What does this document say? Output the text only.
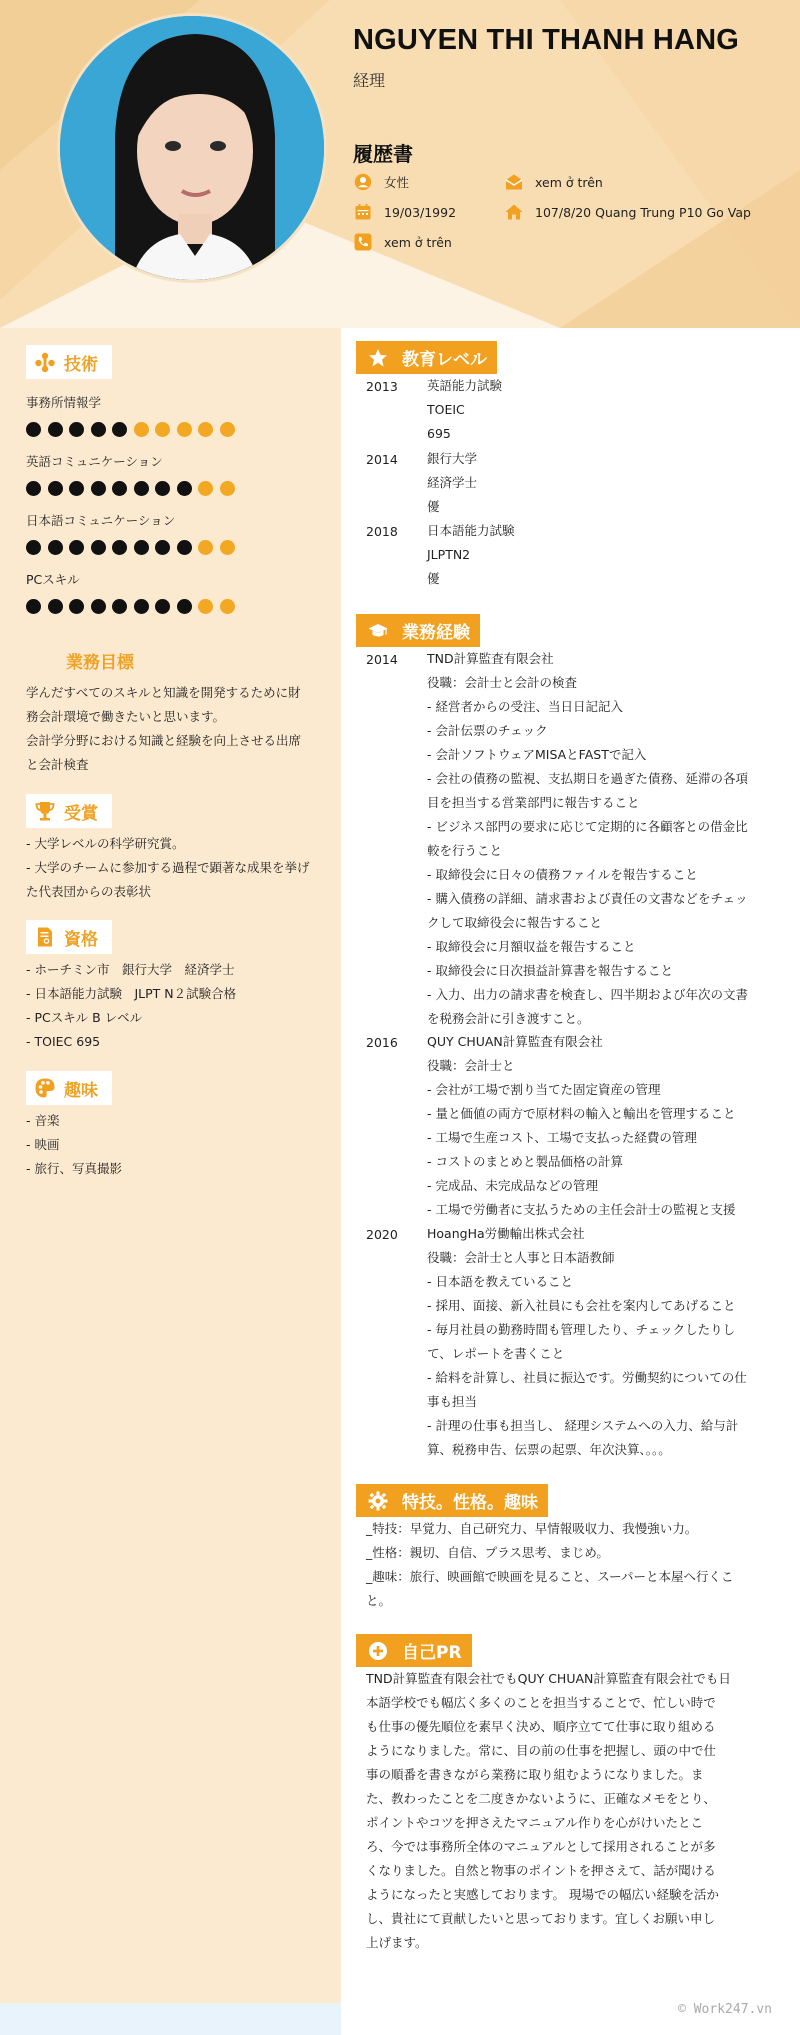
NGUYEN THI THANH HANG
経理
履歴書
女性	xem ở trên
19/03/1992	107/8/20 Quang Trung P10 Go Vap
xem ở trên
技術
事務所情報学
英語コミュニケーション
日本語コミュニケーション
PCスキル
業務目標
学んだすべてのスキルと知識を開発するために財
務会計環境で働きたいと思います。
会計学分野における知識と経験を向上させる出席
と会計検査
受賞
- 大学レベルの科学研究賞。
- 大学のチームに参加する過程で顕著な成果を挙げ
た代表団からの表彰状
資格
- ホーチミン市　銀行大学　経済学士
- 日本語能力試験　JLPT N２試験合格
- PCスキル B レベル
- TOIEC 695
趣味
- 音楽
- 映画
- 旅行、写真撮影
教育レベル
2013 英語能力試験
TOEIC
695
2014 銀行大学
経済学士
優
2018 日本語能力試験
JLPTN2
優
業務経験
2014 TND計算監査有限会社
役職：会計士と会計の検査
- 経営者からの受注、当日日記記入
- 会計伝票のチェック
- 会計ソフトウェアMISAとFASTで記入
- 会社の債務の監視、支払期日を過ぎた債務、延滞の各項
目を担当する営業部門に報告すること
- ビジネス部門の要求に応じて定期的に各顧客との借金比
較を行うこと
- 取締役会に日々の債務ファイルを報告すること
- 購入債務の詳細、請求書および責任の文書などをチェッ
クして取締役会に報告すること
- 取締役会に月額収益を報告すること
- 取締役会に日次損益計算書を報告すること
- 入力、出力の請求書を検査し、四半期および年次の文書
を税務会計に引き渡すこと。
2016 QUY CHUAN計算監査有限会社
役職：会計士と
- 会社が工場で割り当てた固定資産の管理
- 量と価値の両方で原材料の輸入と輸出を管理すること
- 工場で生産コスト、工場で支払った経費の管理
- コストのまとめと製品価格の計算
- 完成品、未完成品などの管理
- 工場で労働者に支払うための主任会計士の監視と支援
2020 HoangHa労働輸出株式会社
役職：会計士と人事と日本語教師
- 日本語を教えていること
- 採用、面接、新入社員にも会社を案内してあげること
- 毎月社員の勤務時間も管理したり、チェックしたりし
て、レポートを書くこと
- 給料を計算し、社員に振込です。労働契約についての仕
事も担当
- 計理の仕事も担当し、 経理システムへの入力、給与計
算、税務申告、伝票の起票、年次決算、。。。
特技。性格。趣味
_特技：早覚力、自己研究力、早情報吸収力、我慢強い力。
_性格：親切、自信、プラス思考、まじめ。
_趣味：旅行、映画館で映画を見ること、スーパーと本屋へ行くこ
と。
自己PR
TND計算監査有限会社でもQUY CHUAN計算監査有限会社でも日
本語学校でも幅広く多くのことを担当することで、忙しい時で
も仕事の優先順位を素早く決め、順序立てて仕事に取り組める
ようになりました。常に、目の前の仕事を把握し、頭の中で仕
事の順番を書きながら業務に取り組むようになりました。ま
た、教わったことを二度きかないように、正確なメモをとり、
ポイントやコツを押さえたマニュアル作りを心がけいたとこ
ろ、今では事務所全体のマニュアルとして採用されることが多
くなりました。自然と物事のポイントを押さえて、話が聞ける
ようになったと実感しております。 現場での幅広い経験を活か
し、貴社にて貢献したいと思っております。宜しくお願い申し
上げます。
© Work247.vn
